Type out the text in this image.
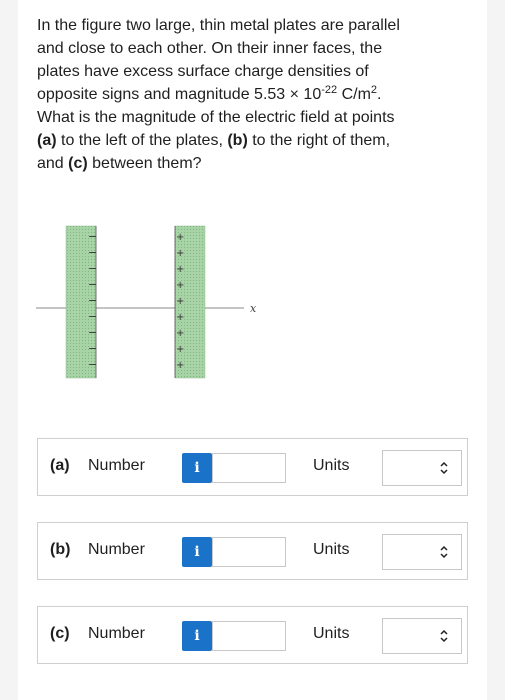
In the figure two large, thin metal plates are parallel
and close to each other. On their inner faces, the
plates have excess surface charge densities of
opposite signs and magnitude $5.53 \times 10^{-22}$ $C/m^2$.
What is the magnitude of the electric field at points
(a) to the left of the plates, (b) to the right of them,
and (c) between them?
x
−
−
−
−
−
−
−
−
−
+
+
+
+
+
+
+
+
+
(a) Number	i	Units
(b) Number	i	Units
(c) Number	i	Units
